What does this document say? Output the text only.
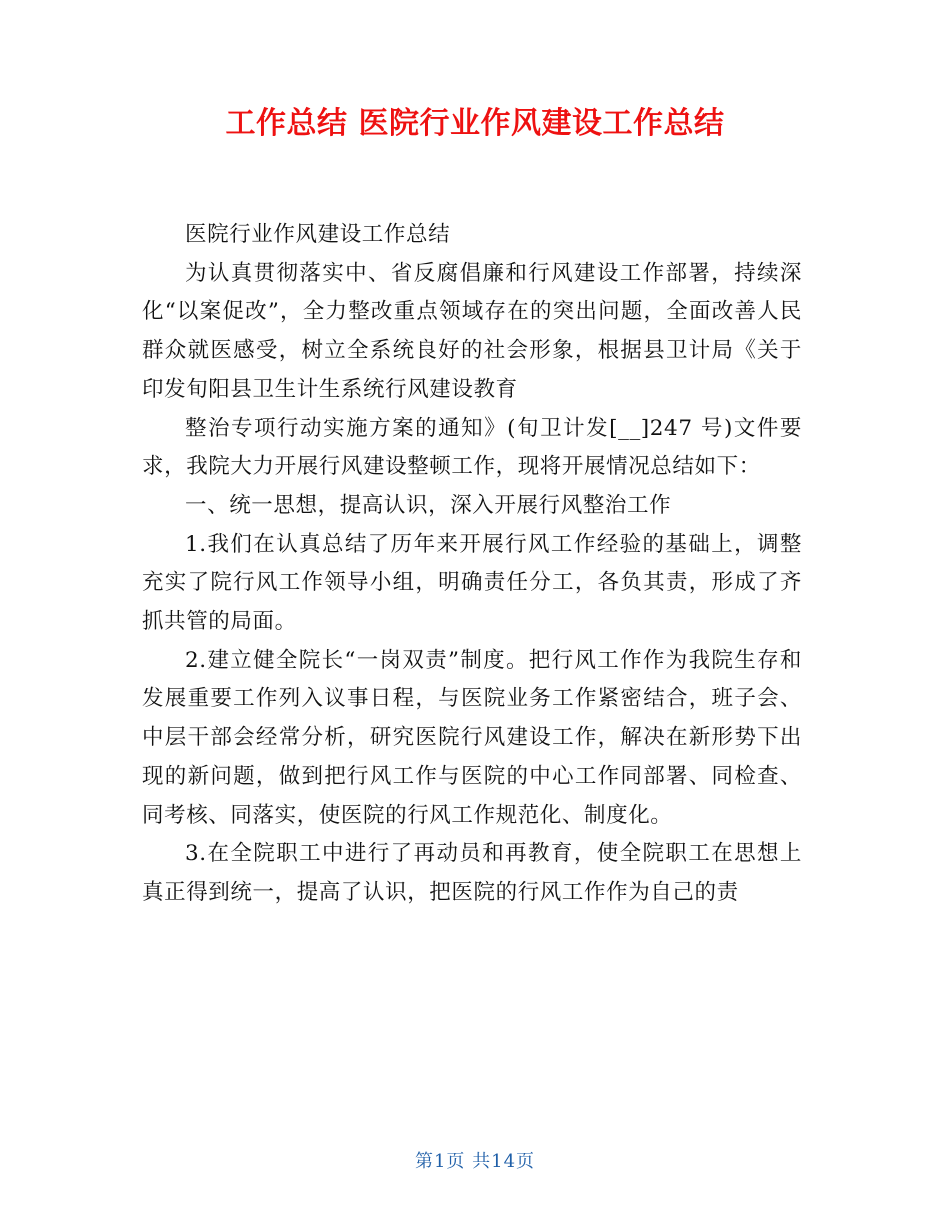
工作总结 医院行业作风建设工作总结

医院行业作风建设工作总结

为认真贯彻落实中、省反腐倡廉和行风建设工作部署，持续深化“以案促改”，全力整改重点领域存在的突出问题，全面改善人民群众就医感受，树立全系统良好的社会形象，根据县卫计局《关于印发旬阳县卫生计生系统行风建设教育

整治专项行动实施方案的通知》(旬卫计发[__]247 号)文件要求，我院大力开展行风建设整顿工作，现将开展情况总结如下：

一、统一思想，提高认识，深入开展行风整治工作

1.我们在认真总结了历年来开展行风工作经验的基础上，调整充实了院行风工作领导小组，明确责任分工，各负其责，形成了齐抓共管的局面。

2.建立健全院长“一岗双责”制度。把行风工作作为我院生存和发展重要工作列入议事日程，与医院业务工作紧密结合，班子会、中层干部会经常分析，研究医院行风建设工作，解决在新形势下出现的新问题，做到把行风工作与医院的中心工作同部署、同检查、同考核、同落实，使医院的行风工作规范化、制度化。

3.在全院职工中进行了再动员和再教育，使全院职工在思想上真正得到统一，提高了认识，把医院的行风工作作为自己的责

第1页 共14页
